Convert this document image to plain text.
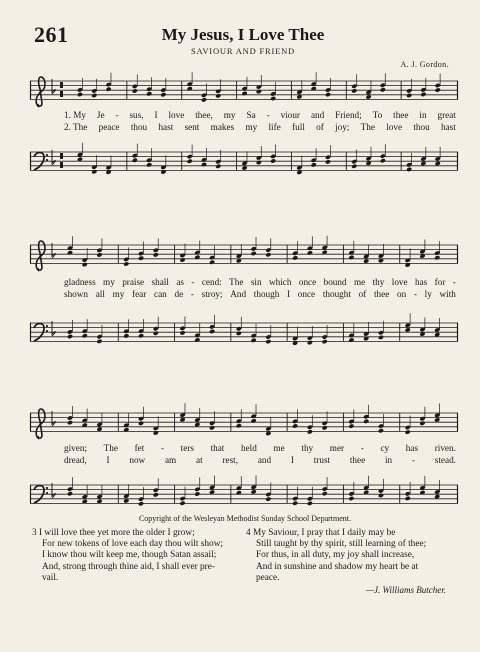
261	My Jesus, I Love Thee
SAVIOUR AND FRIEND
A. J. Gordon.
1. My Je - sus, I love thee, my Sa - viour and Friend; To thee in great
2. The peace thou hast sent makes my life full of joy; The love thou hast
gladness my praise shall as - cend: The sin which once bound me thy love has for -
shown all my fear can de - stroy; And though I once thought of thee on - ly with
given; The fet - ters that held me thy mer - cy has riven.
dread, I now am at rest, and I trust thee in - stead.
Copyright of the Wesleyan Methodist Sunday School Department.
3 I will love thee yet more the older I grow;
For new tokens of love each day thou wilt show;
I know thou wilt keep me, though Satan assail;
And, strong through thine aid, I shall ever pre-
vail.
4 My Saviour, I pray that I daily may be
Still taught by thy spirit, still learning of thee;
For thus, in all duty, my joy shall increase,
And in sunshine and shadow my heart be at
peace.
—J. Williams Butcher.
